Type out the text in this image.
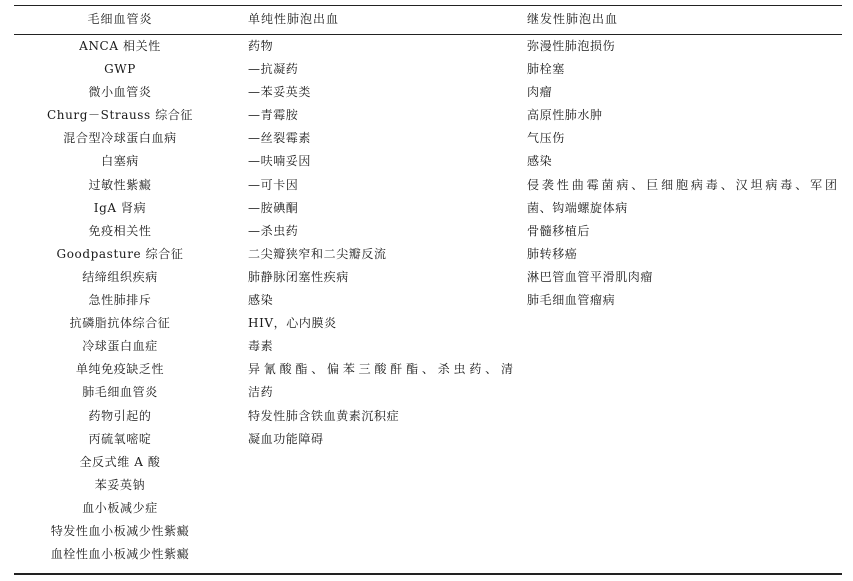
毛细血管炎	单纯性肺泡出血	继发性肺泡出血
ANCA 相关性
GWP
微小血管炎
Churg－Strauss 综合征
混合型冷球蛋白血病
白塞病
过敏性紫癜
IgA 肾病
免疫相关性
Goodpasture 综合征
结缔组织疾病
急性肺排斥
抗磷脂抗体综合征
冷球蛋白血症
单纯免疫缺乏性
肺毛细血管炎
药物引起的
丙硫氧嘧啶
全反式维 A 酸
苯妥英钠
血小板减少症
特发性血小板减少性紫癜
血栓性血小板减少性紫癜
药物
—抗凝药
—苯妥英类
—青霉胺
—丝裂霉素
—呋喃妥因
—可卡因
—胺碘酮
—杀虫药
二尖瓣狭窄和二尖瓣反流
肺静脉闭塞性疾病
感染
HIV，心内膜炎
毒素
异氰酸酯、偏苯三酸酐酯、杀虫药、清
洁药
特发性肺含铁血黄素沉积症
凝血功能障碍
弥漫性肺泡损伤
肺栓塞
肉瘤
高原性肺水肿
气压伤
感染
侵袭性曲霉菌病、巨细胞病毒、汉坦病毒、军团
菌、钩端螺旋体病
骨髓移植后
肺转移癌
淋巴管血管平滑肌肉瘤
肺毛细血管瘤病
